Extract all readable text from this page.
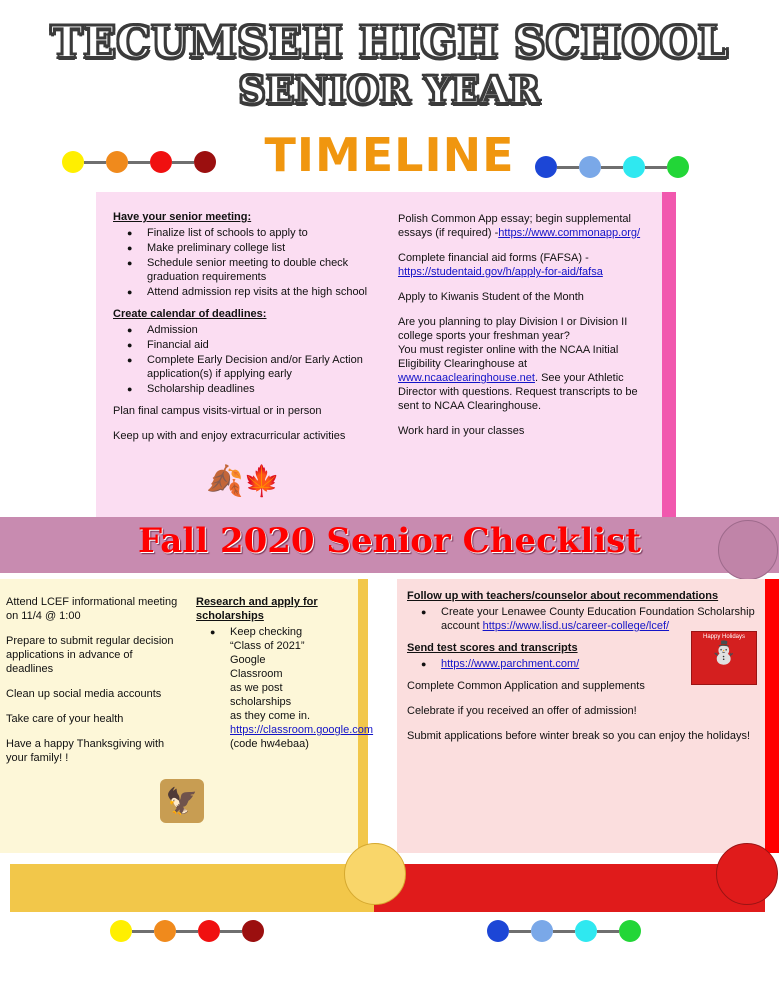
TECUMSEH HIGH SCHOOL
SENIOR YEAR
TIMELINE
Have your senior meeting:
● Finalize list of schools to apply to
● Make preliminary college list
● Schedule senior meeting to double check graduation requirements
● Attend admission rep visits at the high school
Create calendar of deadlines:
● Admission
● Financial aid
● Complete Early Decision and/or Early Action application(s) if applying early
● Scholarship deadlines

Plan final campus visits-virtual or in person

Keep up with and enjoy extracurricular activities

🍂🍁

Polish Common App essay; begin supplemental essays (if required) -https://www.commonapp.org/

Complete financial aid forms (FAFSA) -https://studentaid.gov/h/apply-for-aid/fafsa

Apply to Kiwanis Student of the Month

Are you planning to play Division I or Division II college sports your freshman year?
You must register online with the NCAA Initial Eligibility Clearinghouse at www.ncaaclearinghouse.net. See your Athletic Director with questions. Request transcripts to be sent to NCAA Clearinghouse.

Work hard in your classes

Fall 2020 Senior Checklist

Attend LCEF informational meeting on 11/4 @ 1:00

Prepare to submit regular decision applications in advance of deadlines

Clean up social media accounts

Take care of your health

Have a happy Thanksgiving with your family! !

🦅
Research and apply for scholarships
● Keep checking
“Class of 2021”
Google Classroom
as we post
scholarships
as they come in.
https://classroom.google.com
(code hw4ebaa)
Follow up with teachers/counselor about recommendations
● Create your Lenawee County Education Foundation Scholarship account https://www.lisd.us/career-college/lcef/
Send test scores and transcripts
● https://www.parchment.com/

Complete Common Application and supplements

Celebrate if you received an offer of admission!

Submit applications before winter break so you can enjoy the holidays!

Happy Holidays
⛄
